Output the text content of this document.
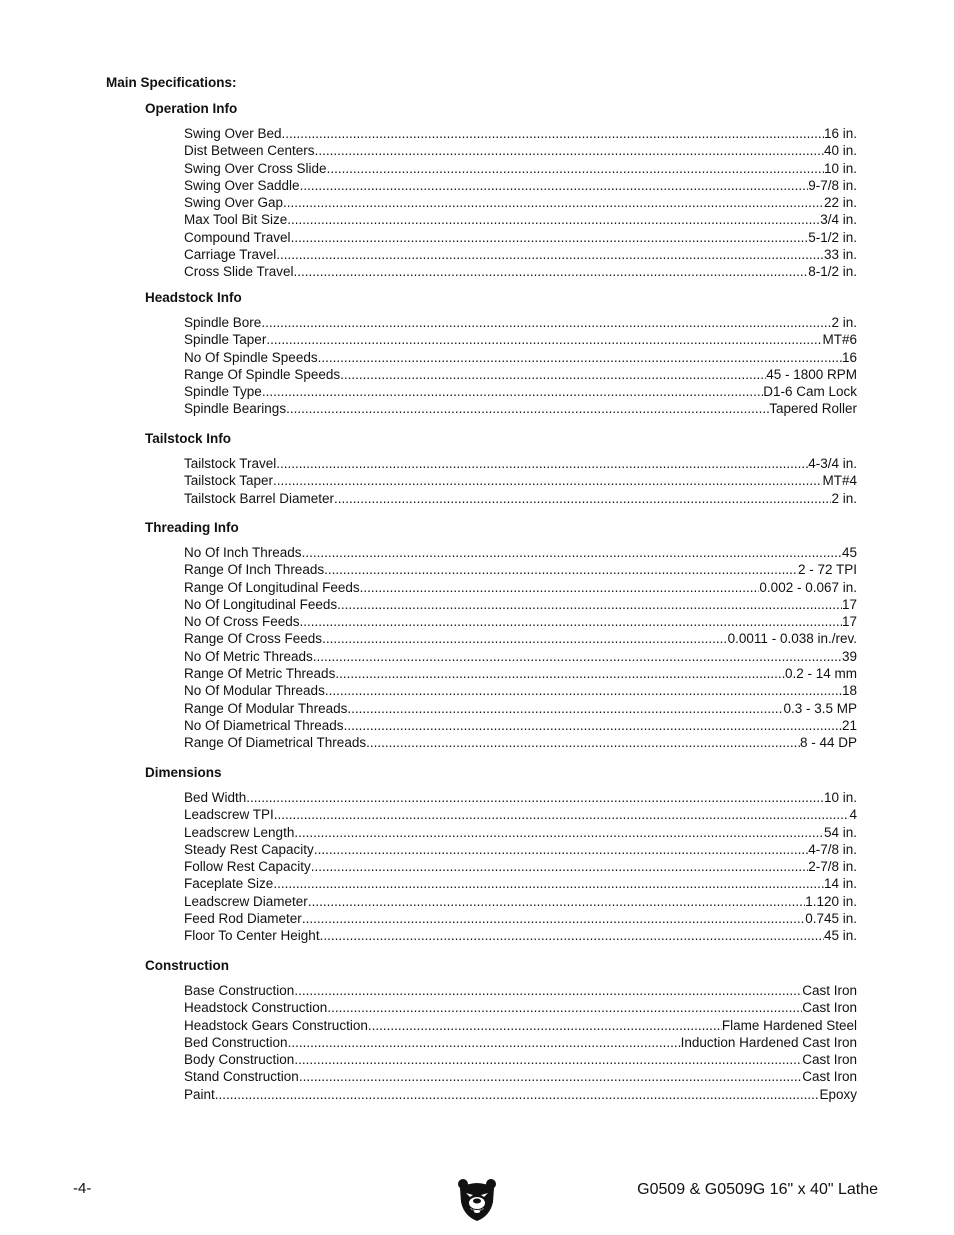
Main Specifications:
Operation Info
Swing Over Bed .....	16 in.
Dist Between Centers .....	40 in.
Swing Over Cross Slide .....	10 in.
Swing Over Saddle .....	9-7/8 in.
Swing Over Gap .....	22 in.
Max Tool Bit Size .....	3/4 in.
Compound Travel .....	5-1/2 in.
Carriage Travel .....	33 in.
Cross Slide Travel .....	8-1/2 in.
Headstock Info
Spindle Bore .....	2 in.
Spindle Taper .....	MT#6
No Of Spindle Speeds .....	16
Range Of Spindle Speeds .....	45 - 1800 RPM
Spindle Type .....	D1-6 Cam Lock
Spindle Bearings .....	Tapered Roller
Tailstock Info
Tailstock Travel .....	4-3/4 in.
Tailstock Taper .....	MT#4
Tailstock Barrel Diameter .....	2 in.
Threading Info
No Of Inch Threads .....	45
Range Of Inch Threads .....	2 - 72 TPI
Range Of Longitudinal Feeds .....	0.002 - 0.067 in.
No Of Longitudinal Feeds .....	17
No Of Cross Feeds .....	17
Range Of Cross Feeds .....	0.0011 - 0.038 in./rev.
No Of Metric Threads .....	39
Range Of Metric Threads .....	0.2 - 14 mm
No Of Modular Threads .....	18
Range Of Modular Threads .....	0.3 - 3.5 MP
No Of Diametrical Threads .....	21
Range Of Diametrical Threads .....	8 - 44 DP
Dimensions
Bed Width .....	10 in.
Leadscrew TPI .....	4
Leadscrew Length .....	54 in.
Steady Rest Capacity .....	4-7/8 in.
Follow Rest Capacity .....	2-7/8 in.
Faceplate Size .....	14 in.
Leadscrew Diameter .....	1.120 in.
Feed Rod Diameter .....	0.745 in.
Floor To Center Height .....	45 in.
Construction
Base Construction .....	Cast Iron
Headstock Construction .....	Cast Iron
Headstock Gears Construction .....	Flame Hardened Steel
Bed Construction .....	Induction Hardened Cast Iron
Body Construction .....	Cast Iron
Stand Construction .....	Cast Iron
Paint .....	Epoxy
-4-	G0509 & G0509G 16" x 40" Lathe
